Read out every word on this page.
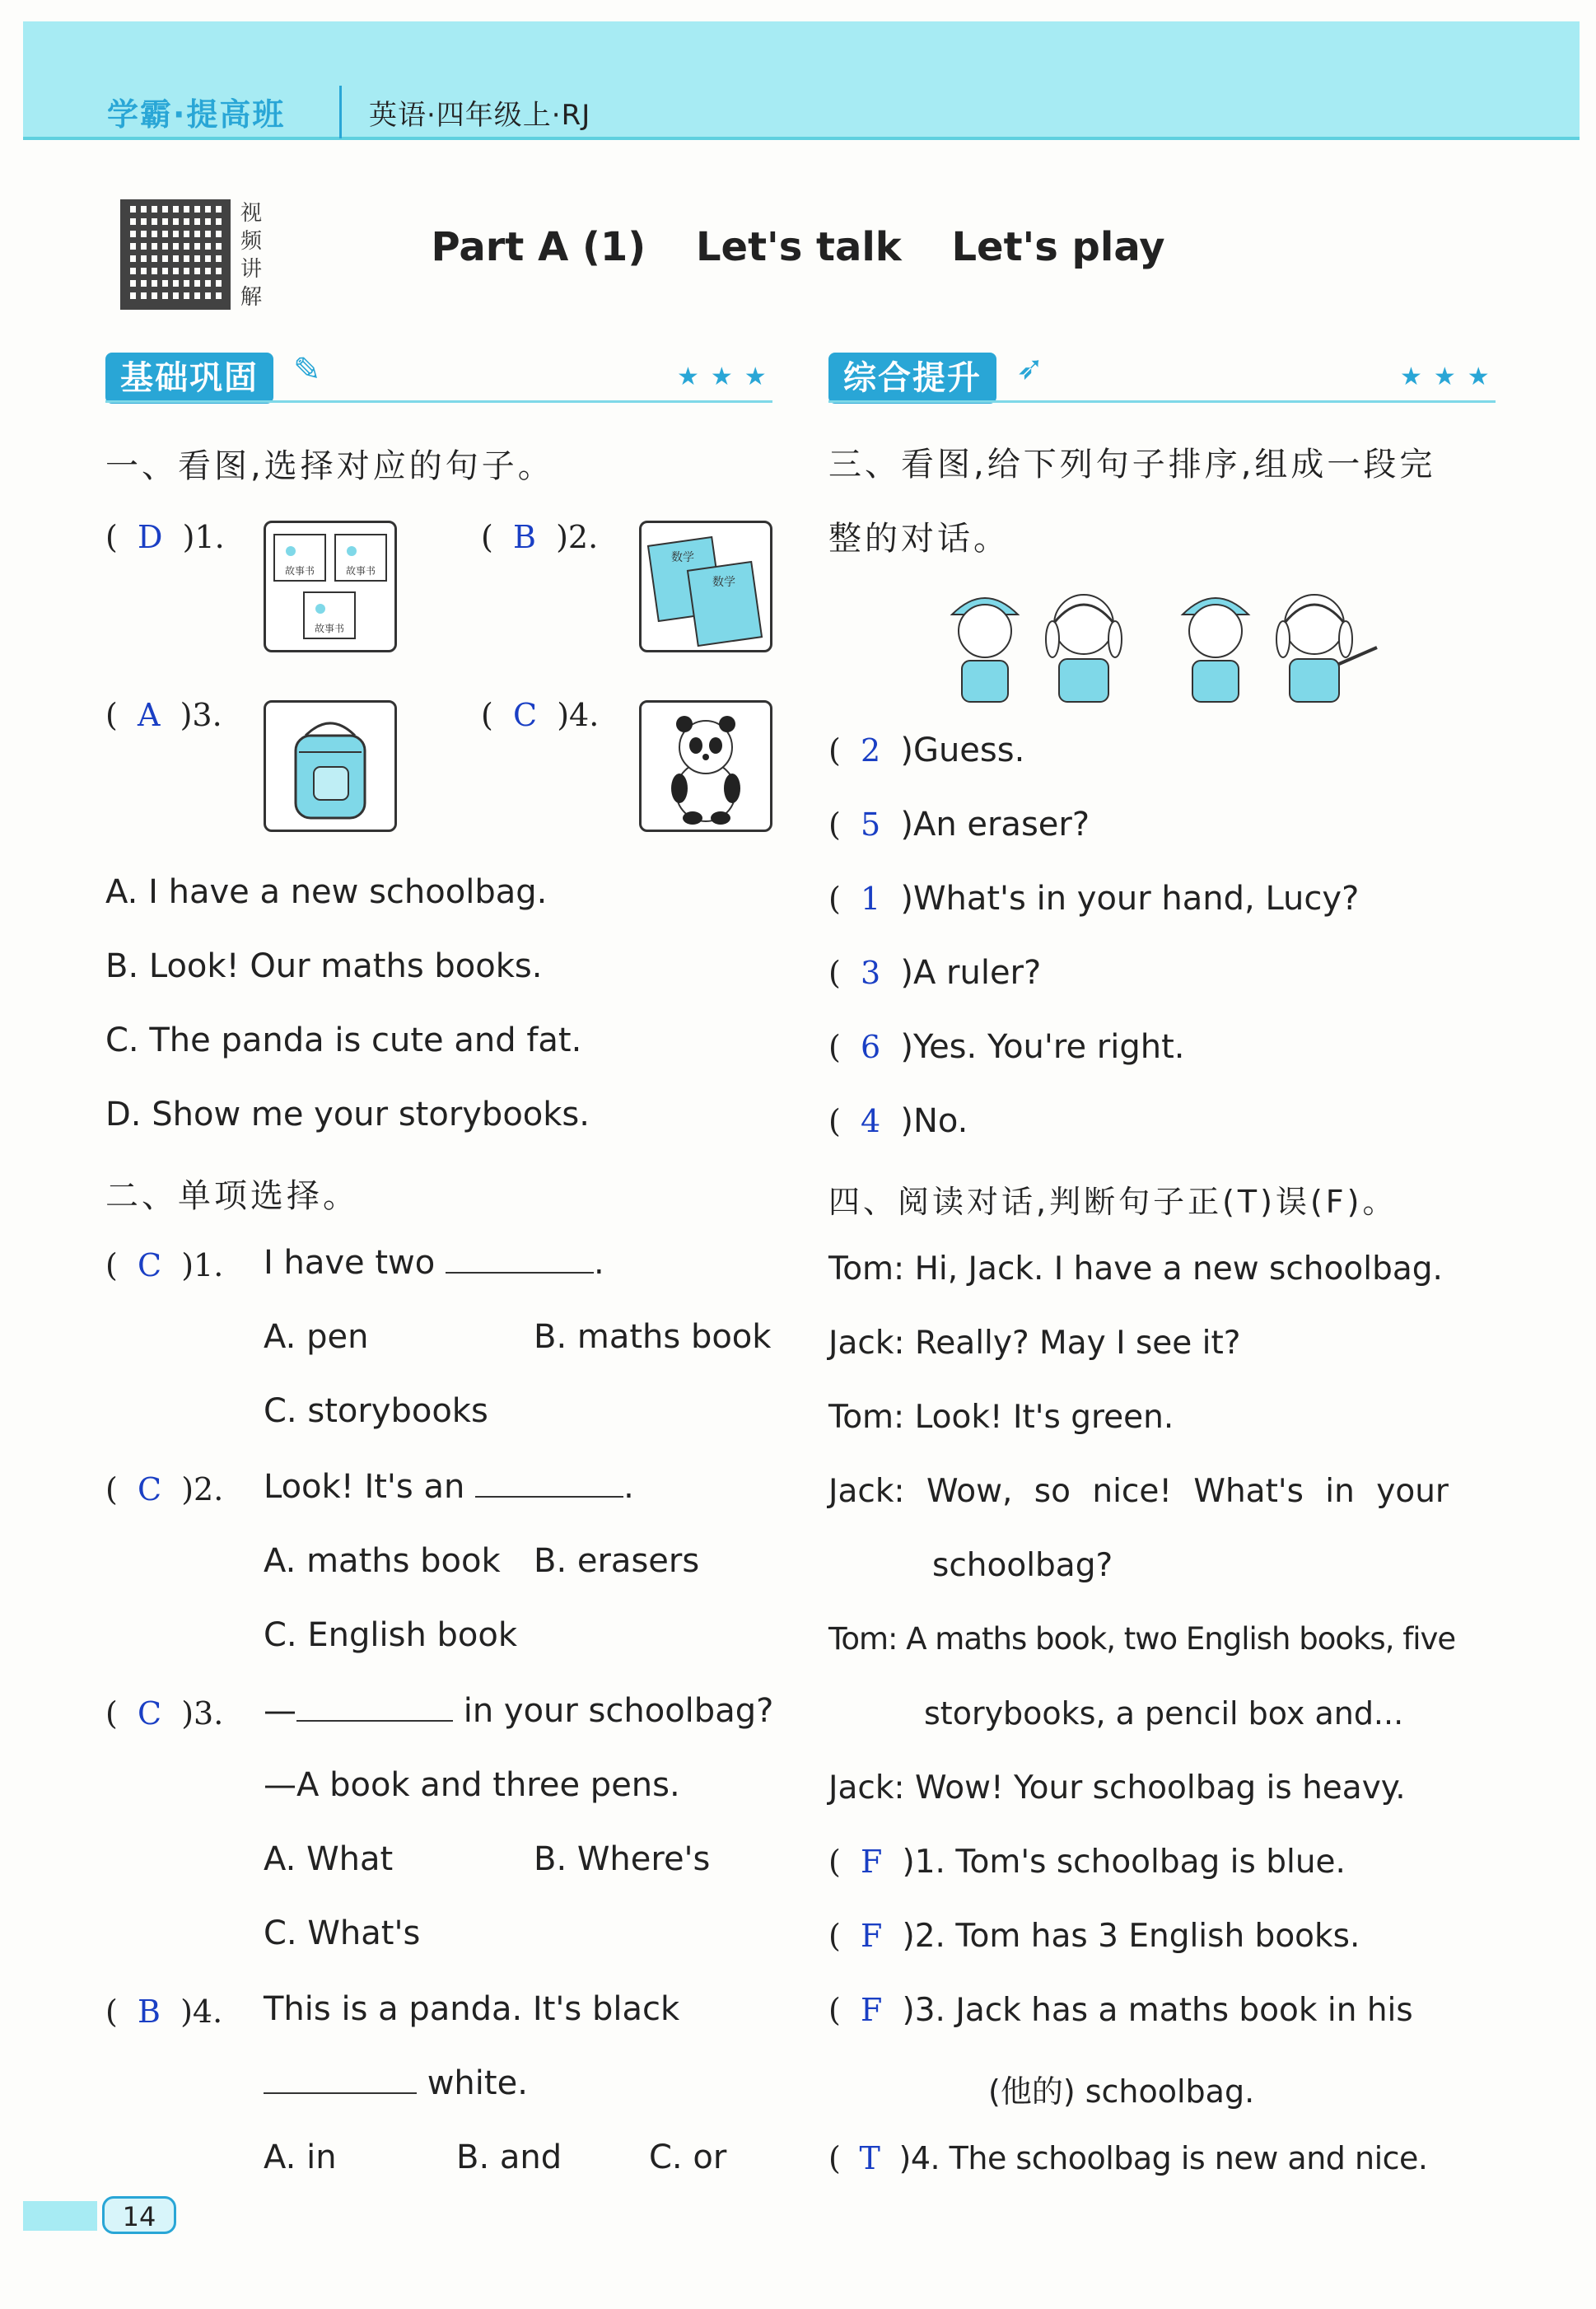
学霸·提高班	英语·四年级上·RJ
视频讲解
Part A (1) Let's talk Let's play
基础巩固	✎	★★★
一、看图,选择对应的句子。
(  D )1.
故事书	故事书
故事书
(  B )2.
数学
数学
(  A )3.	(  C )4.
A. I have a new schoolbag.
B. Look! Our maths books.
C. The panda is cute and fat.
D. Show me your storybooks.
二、单项选择。
(  C )1. I have two	.
A. pen	B. maths book
C. storybooks
(  C )2. Look! It's an	.
A. maths book B. erasers
C. English book
(  C )3. —	in your schoolbag?
—A book and three pens.
A. What	B. Where's
C. What's
(  B )4. This is a panda. It's black
white.
A. in	B. and	C. or
综合提升	➶	★★★
三、看图,给下列句子排序,组成一段完
整的对话。
(  2 )Guess.
(  5 )An eraser?
(  1 )What's in your hand, Lucy?
(  3 )A ruler?
(  6 )Yes. You're right.
(  4 )No.
四、阅读对话,判断句子正(T)误(F)。
Tom: Hi, Jack. I have a new schoolbag.
Jack: Really? May I see it?
Tom: Look! It's green.
Jack: Wow, so nice! What's in your
schoolbag?
Tom: A maths book, two English books, five
storybooks, a pencil box and...
Jack: Wow! Your schoolbag is heavy.
(  F )1. Tom's schoolbag is blue.
(  F )2. Tom has 3 English books.
(  F )3. Jack has a maths book in his
(他的) schoolbag.
(  T )4. The schoolbag is new and nice.
14
